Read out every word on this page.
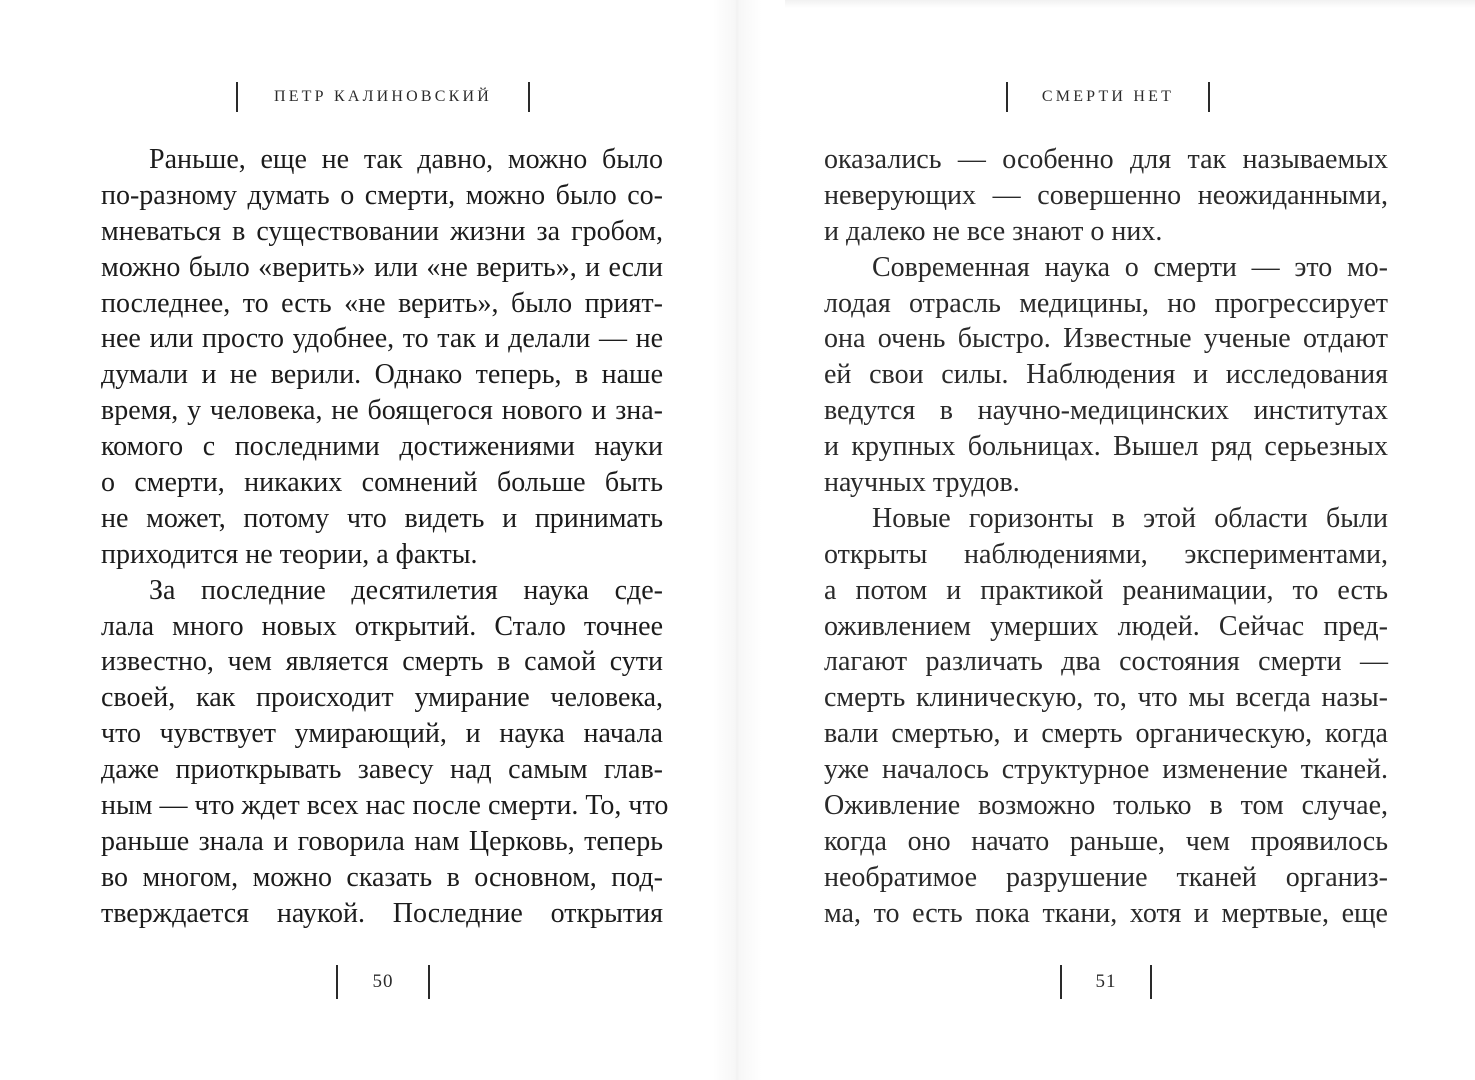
ПЕТР КАЛИНОВСКИЙ
Раньше, еще не так давно, можно было
по-разному думать о смерти, можно было со-
мневаться в существовании жизни за гробом,
можно было «верить» или «не верить», и если
последнее, то есть «не верить», было прият-
нее или просто удобнее, то так и делали — не
думали и не верили. Однако теперь, в наше
время, у человека, не боящегося нового и зна-
комого с последними достижениями науки
о смерти, никаких сомнений больше быть
не может, потому что видеть и принимать
приходится не теории, а факты.
За последние десятилетия наука сде-
лала много новых открытий. Стало точнее
известно, чем является смерть в самой сути
своей, как происходит умирание человека,
что чувствует умирающий, и наука начала
даже приоткрывать завесу над самым глав-
ным — что ждет всех нас после смерти. То, что
раньше знала и говорила нам Церковь, теперь
во многом, можно сказать в основном, под-
тверждается наукой. Последние открытия
50
СМЕРТИ НЕТ
оказались — особенно для так называемых
неверующих — совершенно неожиданными,
и далеко не все знают о них.
Современная наука о смерти — это мо-
лодая отрасль медицины, но прогрессирует
она очень быстро. Известные ученые отдают
ей свои силы. Наблюдения и исследования
ведутся в научно-медицинских институтах
и крупных больницах. Вышел ряд серьезных
научных трудов.
Новые горизонты в этой области были
открыты наблюдениями, экспериментами,
а потом и практикой реанимации, то есть
оживлением умерших людей. Сейчас пред-
лагают различать два состояния смерти —
смерть клиническую, то, что мы всегда назы-
вали смертью, и смерть органическую, когда
уже началось структурное изменение тканей.
Оживление возможно только в том случае,
когда оно начато раньше, чем проявилось
необратимое разрушение тканей организ-
ма, то есть пока ткани, хотя и мертвые, еще
51
